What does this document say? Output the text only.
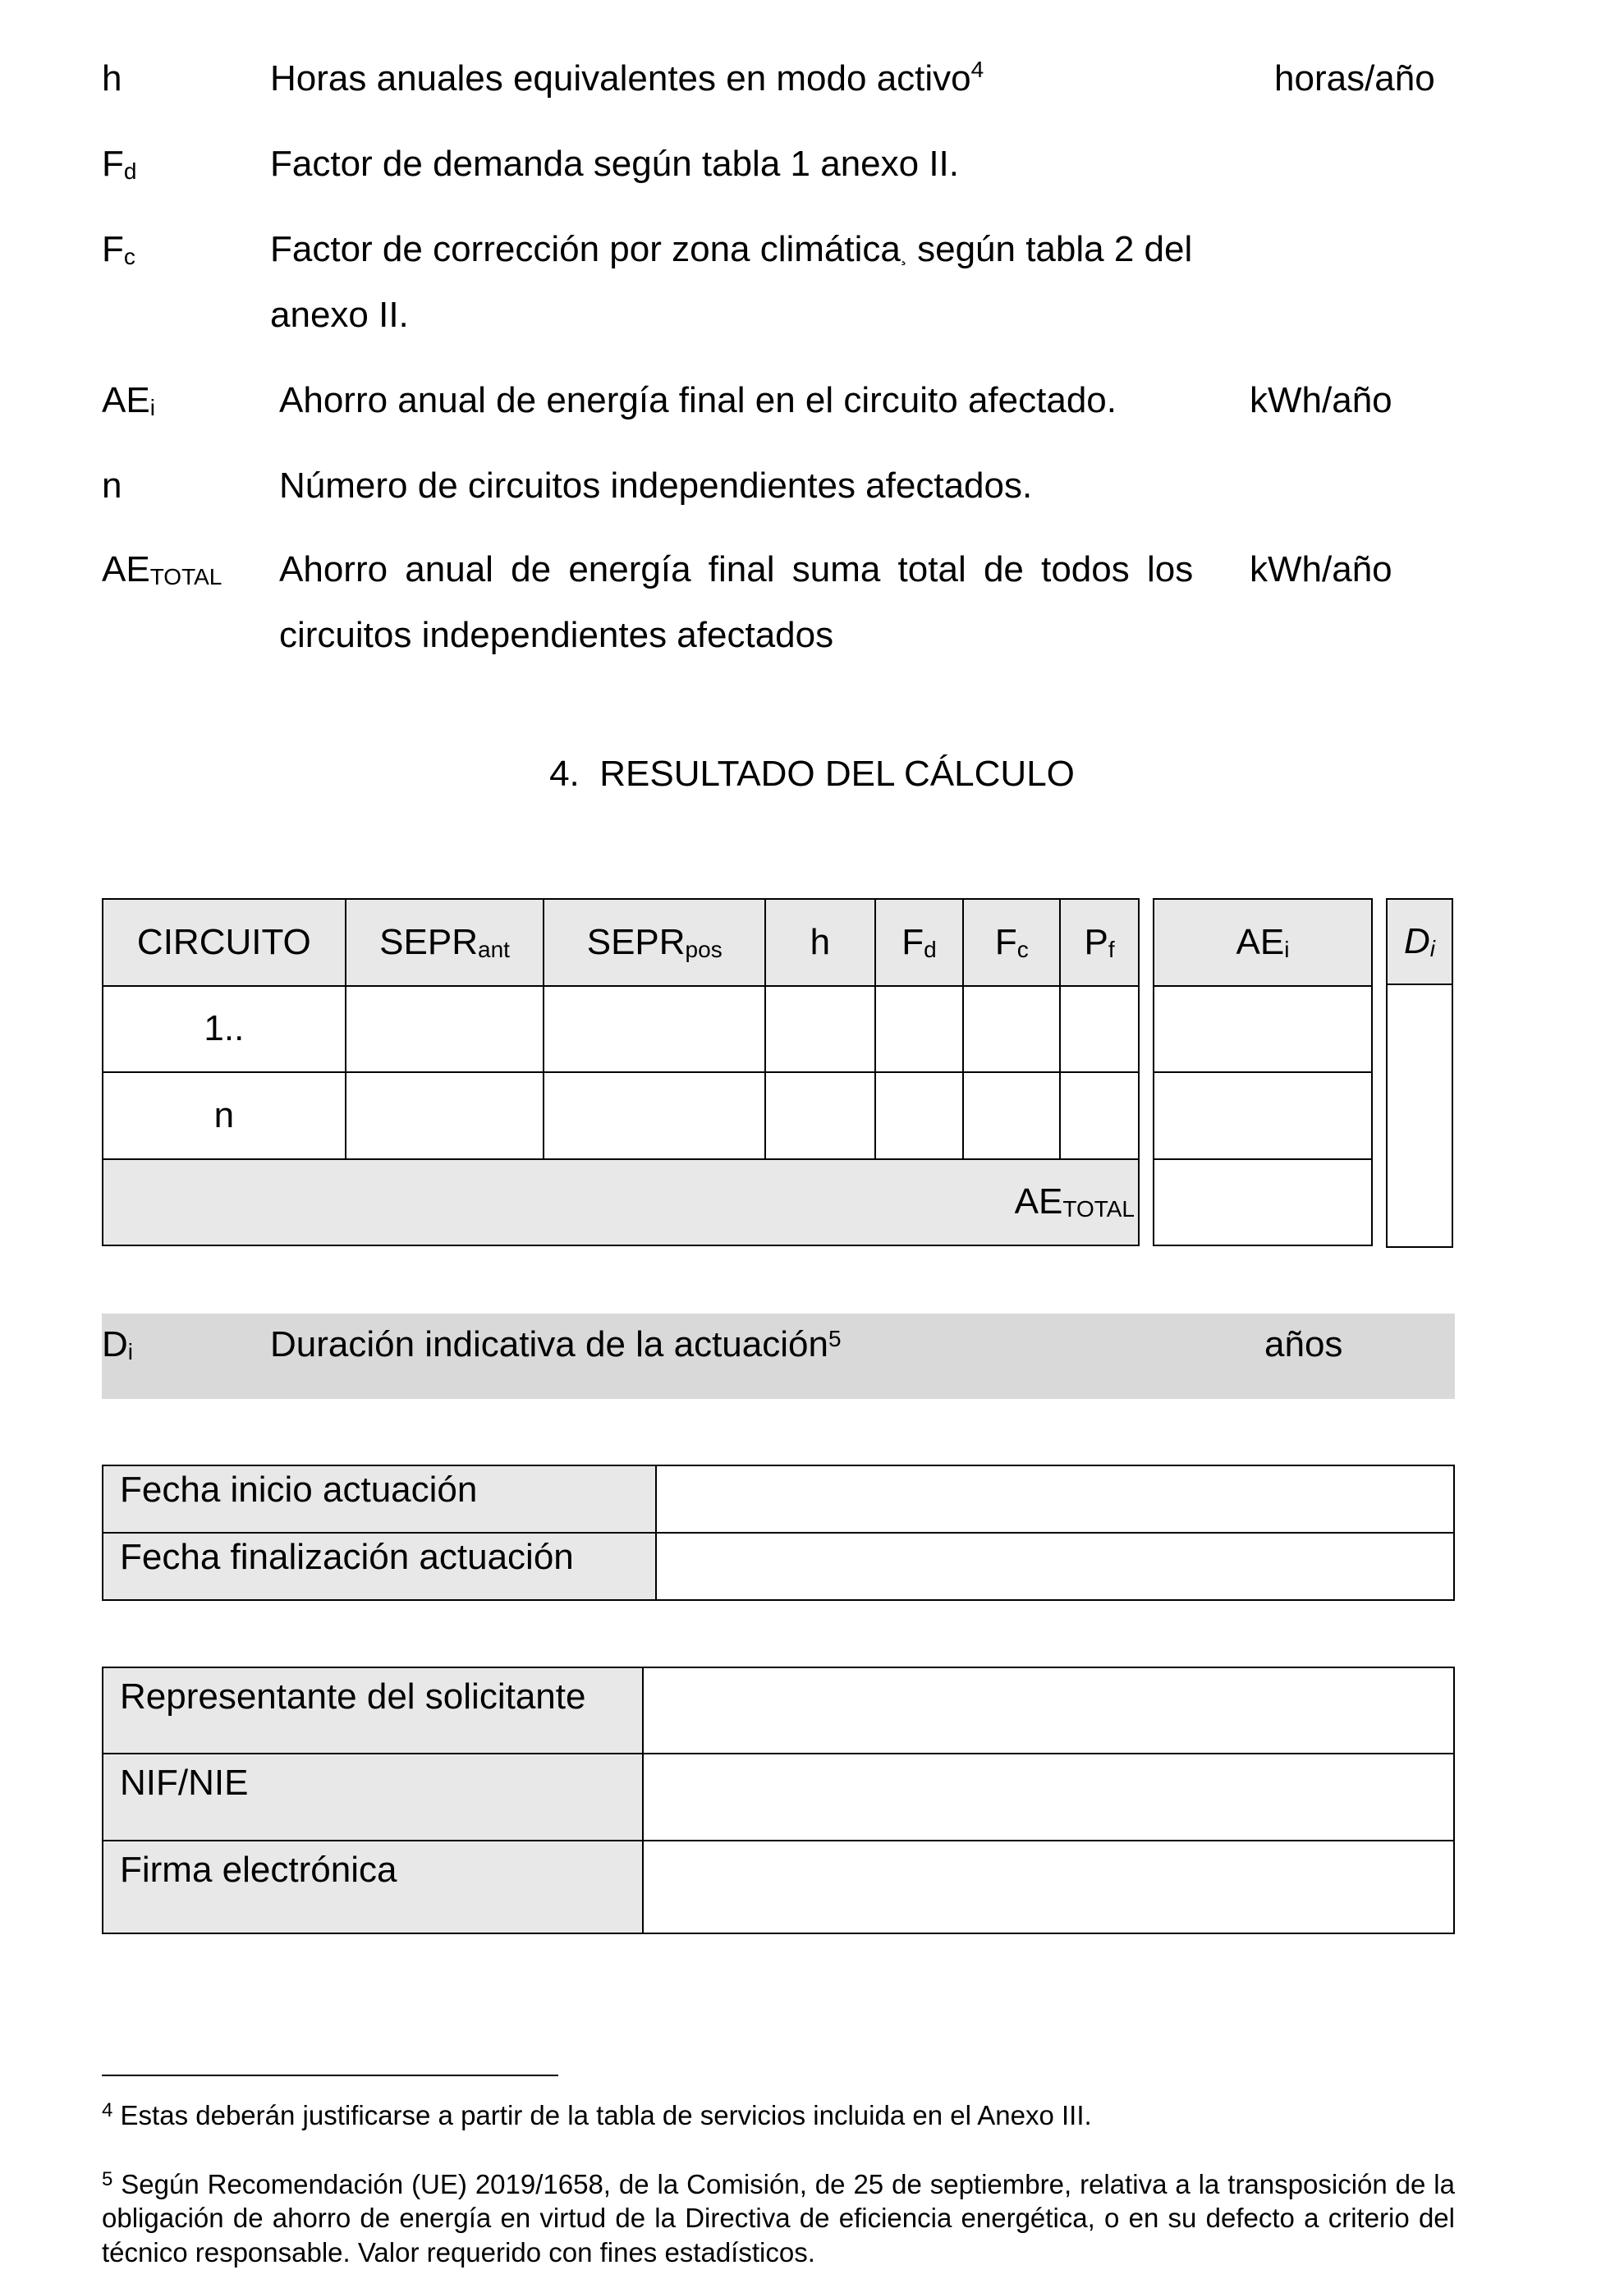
h	Horas anuales equivalentes en modo activo$^4$	horas/año
Fd	Factor de demanda según tabla 1 anexo II.
Fc	Factor de corrección por zona climática¸ según tabla 2 del
anexo II.
AEi	Ahorro anual de energía final en el circuito afectado.	kWh/año
n	Número de circuitos independientes afectados.
AETOTAL Ahorro anual de energía final suma total de todos los	kWh/año
circuitos independientes afectados
4. RESULTADO DEL CÁLCULO
CIRCUITO	SEPRant	SEPRpos	h	Fd	Fc	Pf
1..						
n						
AETOTAL						
AEi	Di

Di	Duración indicativa de la actuación$^5$	años
Fecha inicio actuación	
Fecha finalización actuación	
Representante del solicitante	
NIF/NIE	
Firma electrónica	
$^4$ Estas deberán justificarse a partir de la tabla de servicios incluida en el Anexo III.
$^5$ Según Recomendación (UE) 2019/1658, de la Comisión, de 25 de septiembre, relativa a la transposición de la obligación de ahorro de energía en virtud de la Directiva de eficiencia energética, o en su defecto a criterio del técnico responsable. Valor requerido con fines estadísticos.
